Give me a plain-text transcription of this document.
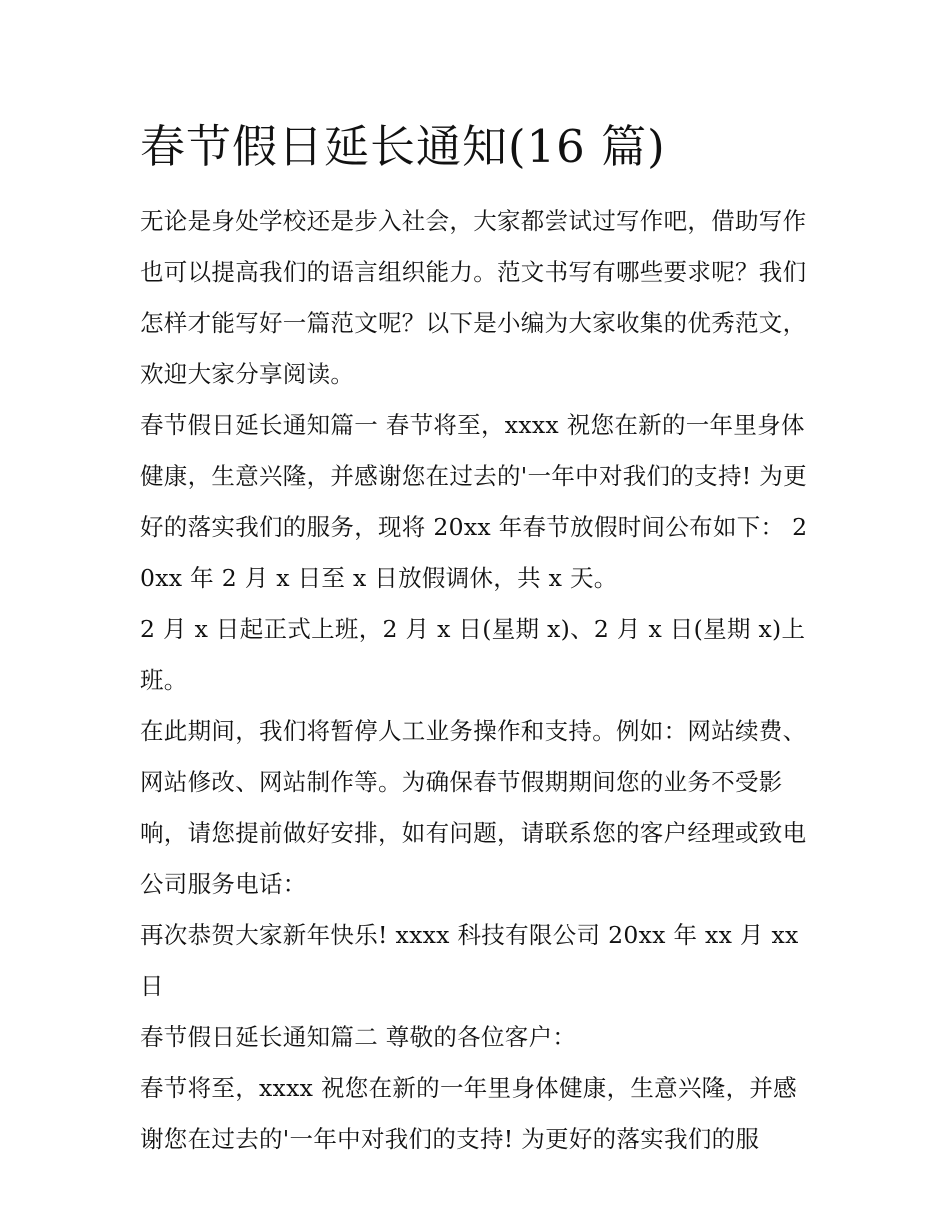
春节假日延长通知(16 篇)

无论是身处学校还是步入社会，大家都尝试过写作吧，借助写作也可以提高我们的语言组织能力。范文书写有哪些要求呢？我们怎样才能写好一篇范文呢？以下是小编为大家收集的优秀范文，欢迎大家分享阅读。

春节假日延长通知篇一 春节将至，xxxx 祝您在新的一年里身体健康，生意兴隆，并感谢您在过去的'一年中对我们的支持! 为更好的落实我们的服务，现将 20xx 年春节放假时间公布如下： 20xx 年 2 月 x 日至 x 日放假调休，共 x 天。

2 月 x 日起正式上班，2 月 x 日(星期 x)、2 月 x 日(星期 x)上班。

在此期间，我们将暂停人工业务操作和支持。例如：网站续费、网站修改、网站制作等。为确保春节假期期间您的业务不受影响，请您提前做好安排，如有问题，请联系您的客户经理或致电公司服务电话：

再次恭贺大家新年快乐! xxxx 科技有限公司 20xx 年 xx 月 xx 日

春节假日延长通知篇二 尊敬的各位客户：

春节将至，xxxx 祝您在新的一年里身体健康，生意兴隆，并感谢您在过去的'一年中对我们的支持! 为更好的落实我们的服
